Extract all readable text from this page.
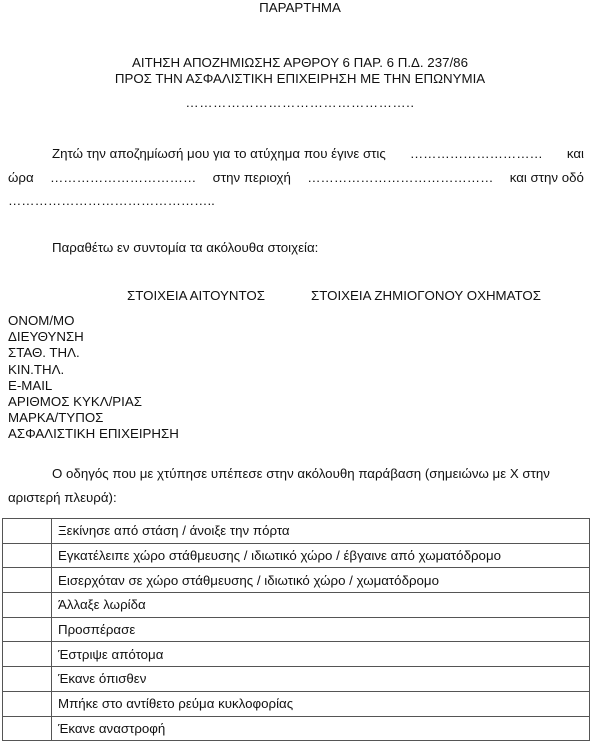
ΠΑΡΑΡΤΗΜΑ
ΑΙΤΗΣΗ ΑΠΟΖΗΜΙΩΣΗΣ ΑΡΘΡΟΥ 6 ΠΑΡ. 6 Π.Δ. 237/86
ΠΡΟΣ ΤΗΝ ΑΣΦΑΛΙΣΤΙΚΗ ΕΠΙΧΕΙΡΗΣΗ ΜΕ ΤΗΝ ΕΠΩΝΥΜΙΑ
…………………………………………..
Ζητώ την αποζημίωσή μου για το ατύχημα που έγινε στις ………………………… και
ώρα …………………………… στην περιοχή …………………………………… και στην οδό
………………………………………..
Παραθέτω εν συντομία τα ακόλουθα στοιχεία:
ΣΤΟΙΧΕΙΑ ΑΙΤΟΥΝΤΟΣ	ΣΤΟΙΧΕΙΑ ΖΗΜΙΟΓΟΝΟΥ ΟΧΗΜΑΤΟΣ
ΟΝΟΜ/ΜΟ
ΔΙΕΥΘΥΝΣΗ
ΣΤΑΘ. ΤΗΛ.
ΚΙΝ.ΤΗΛ.
E-MAIL
ΑΡΙΘΜΟΣ ΚΥΚΛ/ΡΙΑΣ
ΜΑΡΚΑ/ΤΥΠΟΣ
ΑΣΦΑΛΙΣΤΙΚΗ ΕΠΙΧΕΙΡΗΣΗ
Ο οδηγός που με χτύπησε υπέπεσε στην ακόλουθη παράβαση (σημειώνω με Χ στην
αριστερή πλευρά):
	Ξεκίνησε από στάση / άνοιξε την πόρτα
	Εγκατέλειπε χώρο στάθμευσης / ιδιωτικό χώρο / έβγαινε από χωματόδρομο
	Εισερχόταν σε χώρο στάθμευσης / ιδιωτικό χώρο / χωματόδρομο
	Άλλαξε λωρίδα
	Προσπέρασε
	Έστριψε απότομα
	Έκανε όπισθεν
	Μπήκε στο αντίθετο ρεύμα κυκλοφορίας
	Έκανε αναστροφή
